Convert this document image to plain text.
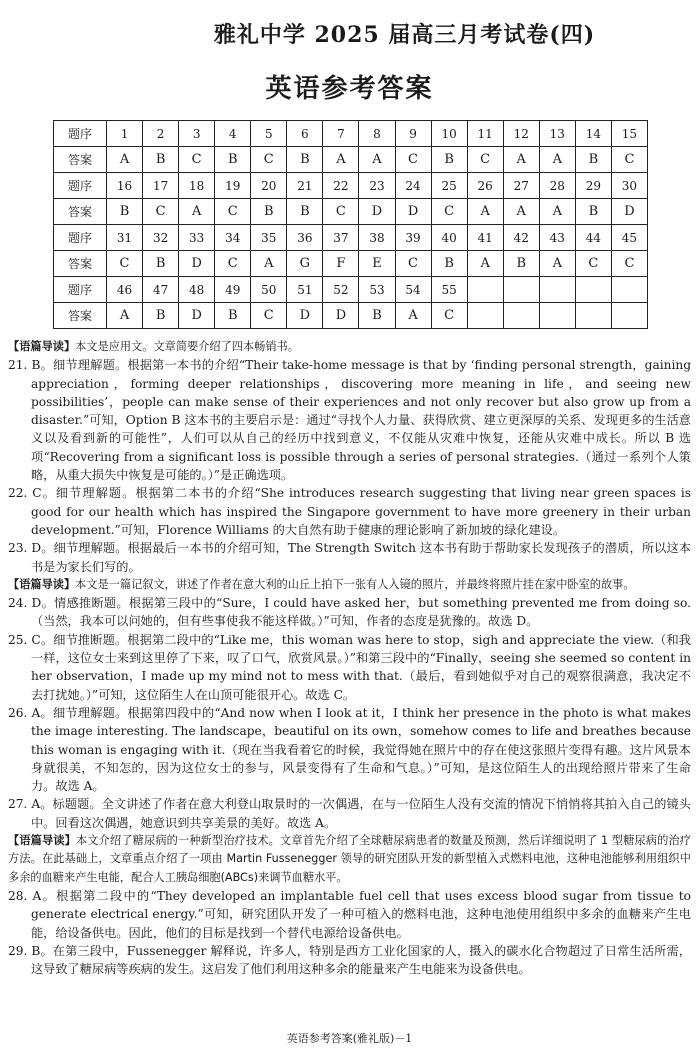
雅礼中学 2025 届高三月考试卷(四)
英语参考答案
题序	1	2	3	4	5	6	7	8	9	10	11	12	13	14	15
答案	A	B	C	B	C	B	A	A	C	B	C	A	A	B	C
题序	16	17	18	19	20	21	22	23	24	25	26	27	28	29	30
答案	B	C	A	C	B	B	C	D	D	C	A	A	A	B	D
题序	31	32	33	34	35	36	37	38	39	40	41	42	43	44	45
答案	C	B	D	C	A	G	F	E	C	B	A	B	A	C	C
题序	46	47	48	49	50	51	52	53	54	55					
答案	A	B	D	B	C	D	D	B	A	C					

【语篇导读】本文是应用文。文章简要介绍了四本畅销书。

21. B。细节理解题。根据第一本书的介绍“Their take-home message is that by ‘finding personal strength，gaining appreciation，forming deeper relationships，discovering more meaning in life，and seeing new possibilities’，people can make sense of their experiences and not only recover but also grow up from a disaster.”可知，Option B 这本书的主要启示是：通过“寻找个人力量、获得欣赏、建立更深厚的关系、发现更多的生活意义以及看到新的可能性”，人们可以从自己的经历中找到意义，不仅能从灾难中恢复，还能从灾难中成长。所以 B 选项“Recovering from a significant loss is possible through a series of personal strategies.（通过一系列个人策略，从重大损失中恢复是可能的。）”是正确选项。

22. C。细节理解题。根据第二本书的介绍“She introduces research suggesting that living near green spaces is good for our health which has inspired the Singapore government to have more greenery in their urban development.”可知，Florence Williams 的大自然有助于健康的理论影响了新加坡的绿化建设。

23. D。细节理解题。根据最后一本书的介绍可知，The Strength Switch 这本书有助于帮助家长发现孩子的潜质，所以这本书是为家长们写的。

【语篇导读】本文是一篇记叙文，讲述了作者在意大利的山丘上拍下一张有人入镜的照片，并最终将照片挂在家中卧室的故事。

24. D。情感推断题。根据第三段中的“Sure，I could have asked her，but something prevented me from doing so.（当然，我本可以问她的，但有些事使我不能这样做。）”可知，作者的态度是犹豫的。故选 D。

25. C。细节推断题。根据第二段中的“Like me，this woman was here to stop，sigh and appreciate the view.（和我一样，这位女士来到这里停了下来，叹了口气，欣赏风景。）”和第三段中的“Finally，seeing she seemed so content in her observation，I made up my mind not to mess with that.（最后，看到她似乎对自己的观察很满意，我决定不去打扰她。）”可知，这位陌生人在山顶可能很开心。故选 C。

26. A。细节理解题。根据第四段中的“And now when I look at it，I think her presence in the photo is what makes the image interesting. The landscape，beautiful on its own，somehow comes to life and breathes because this woman is engaging with it.（现在当我看着它的时候，我觉得她在照片中的存在使这张照片变得有趣。这片风景本身就很美，不知怎的，因为这位女士的参与，风景变得有了生命和气息。）”可知，是这位陌生人的出现给照片带来了生命力。故选 A。

27. A。标题题。全文讲述了作者在意大利登山取景时的一次偶遇，在与一位陌生人没有交流的情况下悄悄将其拍入自己的镜头中。回看这次偶遇，她意识到共享美景的美好。故选 A。

【语篇导读】本文介绍了糖尿病的一种新型治疗技术。文章首先介绍了全球糖尿病患者的数量及预测，然后详细说明了 1 型糖尿病的治疗方法。在此基础上，文章重点介绍了一项由 Martin Fussenegger 领导的研究团队开发的新型植入式燃料电池，这种电池能够利用组织中多余的血糖来产生电能，配合人工胰岛细胞(ABCs)来调节血糖水平。

28. A。根据第二段中的“They developed an implantable fuel cell that uses excess blood sugar from tissue to generate electrical energy.”可知，研究团队开发了一种可植入的燃料电池，这种电池使用组织中多余的血糖来产生电能，给设备供电。因此，他们的目标是找到一个替代电源给设备供电。

29. B。在第三段中，Fussenegger 解释说，许多人，特别是西方工业化国家的人，摄入的碳水化合物超过了日常生活所需，这导致了糖尿病等疾病的发生。这启发了他们利用这种多余的能量来产生电能来为设备供电。

英语参考答案(雅礼版)－1
